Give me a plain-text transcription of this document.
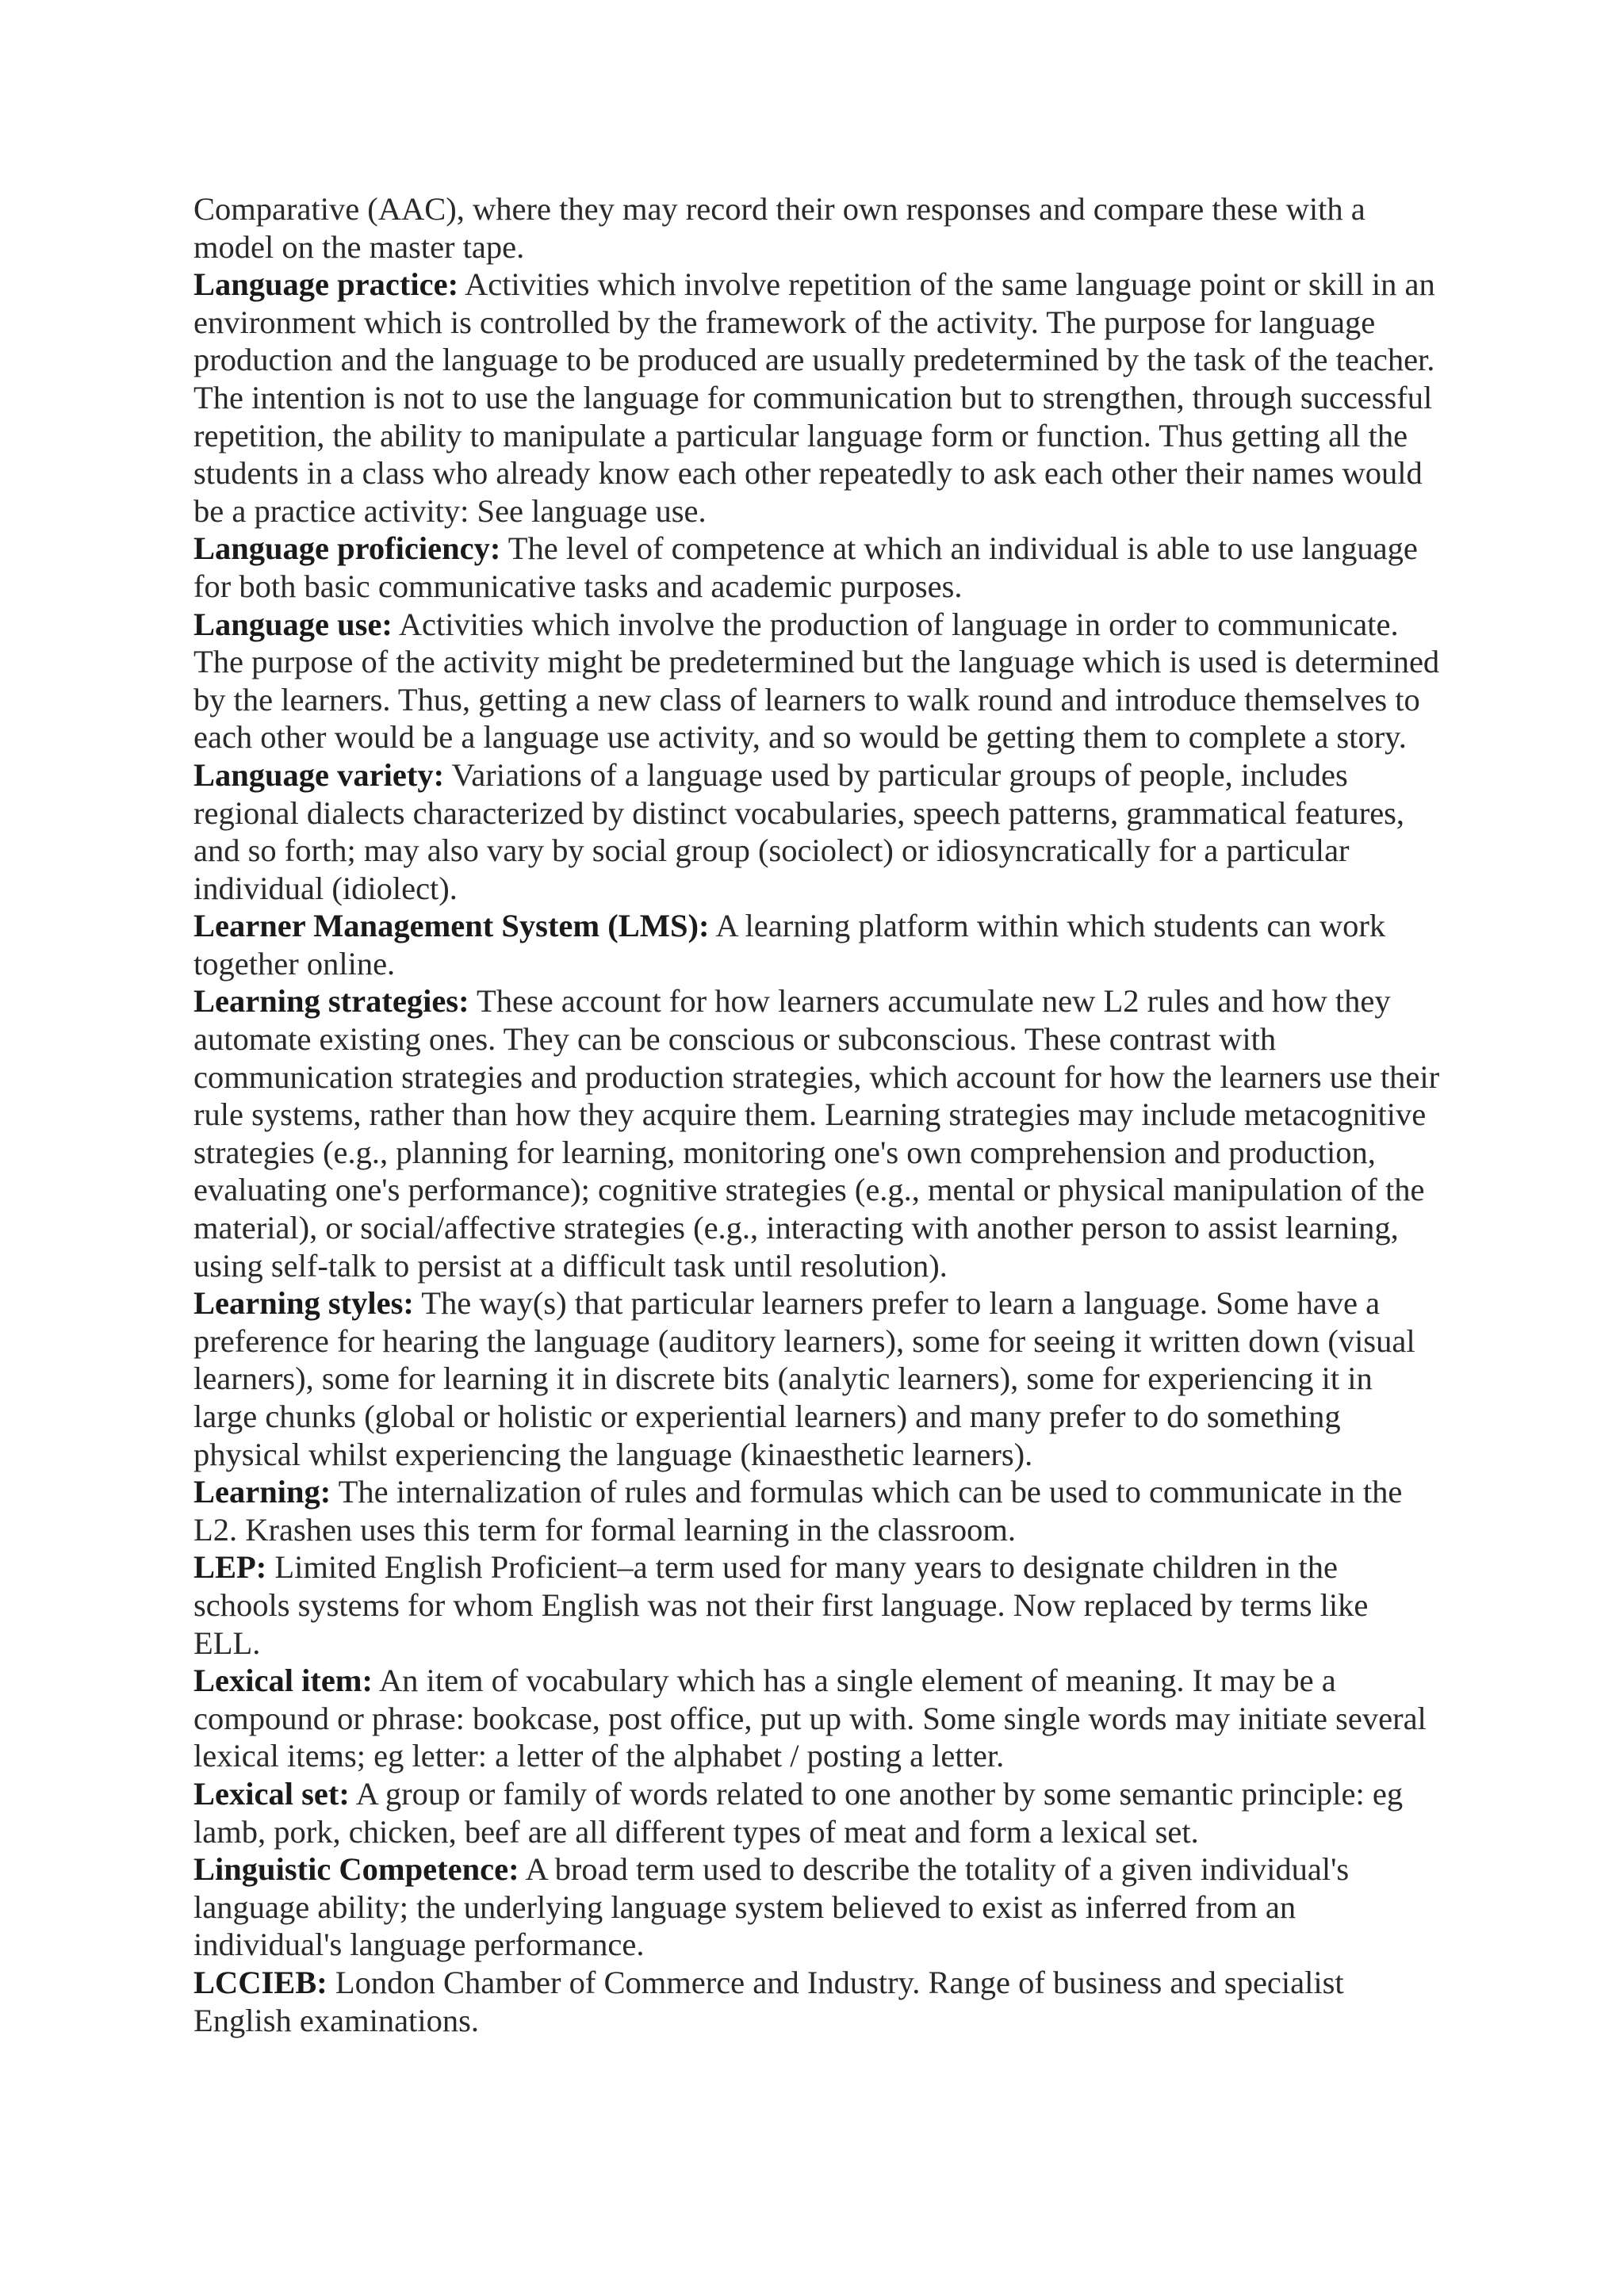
Comparative (AAC), where they may record their own responses and compare these with a model on the master tape.

Language practice: Activities which involve repetition of the same language point or skill in an environment which is controlled by the framework of the activity. The purpose for language production and the language to be produced are usually predetermined by the task of the teacher. The intention is not to use the language for communication but to strengthen, through successful repetition, the ability to manipulate a particular language form or function. Thus getting all the students in a class who already know each other repeatedly to ask each other their names would be a practice activity: See language use.

Language proficiency: The level of competence at which an individual is able to use language for both basic communicative tasks and academic purposes.

Language use: Activities which involve the production of language in order to communicate. The purpose of the activity might be predetermined but the language which is used is determined by the learners. Thus, getting a new class of learners to walk round and introduce themselves to each other would be a language use activity, and so would be getting them to complete a story.

Language variety: Variations of a language used by particular groups of people, includes regional dialects characterized by distinct vocabularies, speech patterns, grammatical features, and so forth; may also vary by social group (sociolect) or idiosyncratically for a particular individual (idiolect).

Learner Management System (LMS): A learning platform within which students can work together online.

Learning strategies: These account for how learners accumulate new L2 rules and how they automate existing ones. They can be conscious or subconscious. These contrast with communication strategies and production strategies, which account for how the learners use their rule systems, rather than how they acquire them. Learning strategies may include metacognitive strategies (e.g., planning for learning, monitoring one's own comprehension and production, evaluating one's performance); cognitive strategies (e.g., mental or physical manipulation of the material), or social/affective strategies (e.g., interacting with another person to assist learning, using self-talk to persist at a difficult task until resolution).

Learning styles: The way(s) that particular learners prefer to learn a language. Some have a preference for hearing the language (auditory learners), some for seeing it written down (visual learners), some for learning it in discrete bits (analytic learners), some for experiencing it in large chunks (global or holistic or experiential learners) and many prefer to do something physical whilst experiencing the language (kinaesthetic learners).

Learning: The internalization of rules and formulas which can be used to communicate in the L2. Krashen uses this term for formal learning in the classroom.

LEP: Limited English Proficient–a term used for many years to designate children in the schools systems for whom English was not their first language. Now replaced by terms like ELL.

Lexical item: An item of vocabulary which has a single element of meaning. It may be a compound or phrase: bookcase, post office, put up with. Some single words may initiate several lexical items; eg letter: a letter of the alphabet / posting a letter.

Lexical set: A group or family of words related to one another by some semantic principle: eg lamb, pork, chicken, beef are all different types of meat and form a lexical set.

Linguistic Competence: A broad term used to describe the totality of a given individual's language ability; the underlying language system believed to exist as inferred from an individual's language performance.

LCCIEB: London Chamber of Commerce and Industry. Range of business and specialist English examinations.
